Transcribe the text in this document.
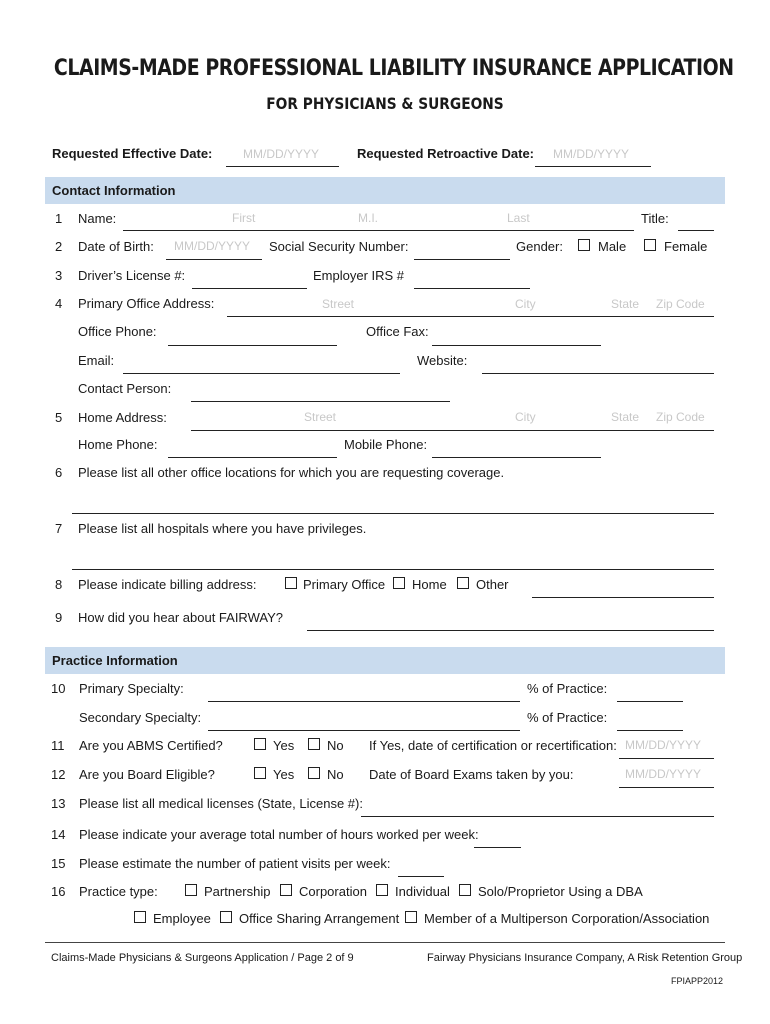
CLAIMS-MADE PROFESSIONAL LIABILITY INSURANCE APPLICATION
FOR PHYSICIANS & SURGEONS
Requested Effective Date:	MM/DD/YYYY	Requested Retroactive Date: MM/DD/YYYY
Contact Information
1 Name:	First	M.I.	Last	Title:
2 Date of Birth: MM/DD/YYYY Social Security Number:	Gender:	Male	Female
3 Driver’s License #:	Employer IRS #
4 Primary Office Address:	Street	City	State Zip Code
Office Phone:	Office Fax:
Email:	Website:
Contact Person:
5 Home Address:	Street	City	State Zip Code
Home Phone:	Mobile Phone:
6 Please list all other office locations for which you are requesting coverage.
7 Please list all hospitals where you have privileges.
8 Please indicate billing address:	Primary Office Home Other
9 How did you hear about FAIRWAY?
Practice Information
10 Primary Specialty:	% of Practice:
Secondary Specialty:	% of Practice:
11 Are you ABMS Certified?	Yes	No If Yes, date of certification or recertification: MM/DD/YYYY
12 Are you Board Eligible?	Yes	No Date of Board Exams taken by you:	MM/DD/YYYY
13 Please list all medical licenses (State, License #):
14 Please indicate your average total number of hours worked per week:
15 Please estimate the number of patient visits per week:
16 Practice type:	Partnership Corporation Individual Solo/Proprietor Using a DBA
Employee Office Sharing Arrangement Member of a Multiperson Corporation/Association
Claims-Made Physicians & Surgeons Application / Page 2 of 9	Fairway Physicians Insurance Company, A Risk Retention Group
FPIAPP2012
